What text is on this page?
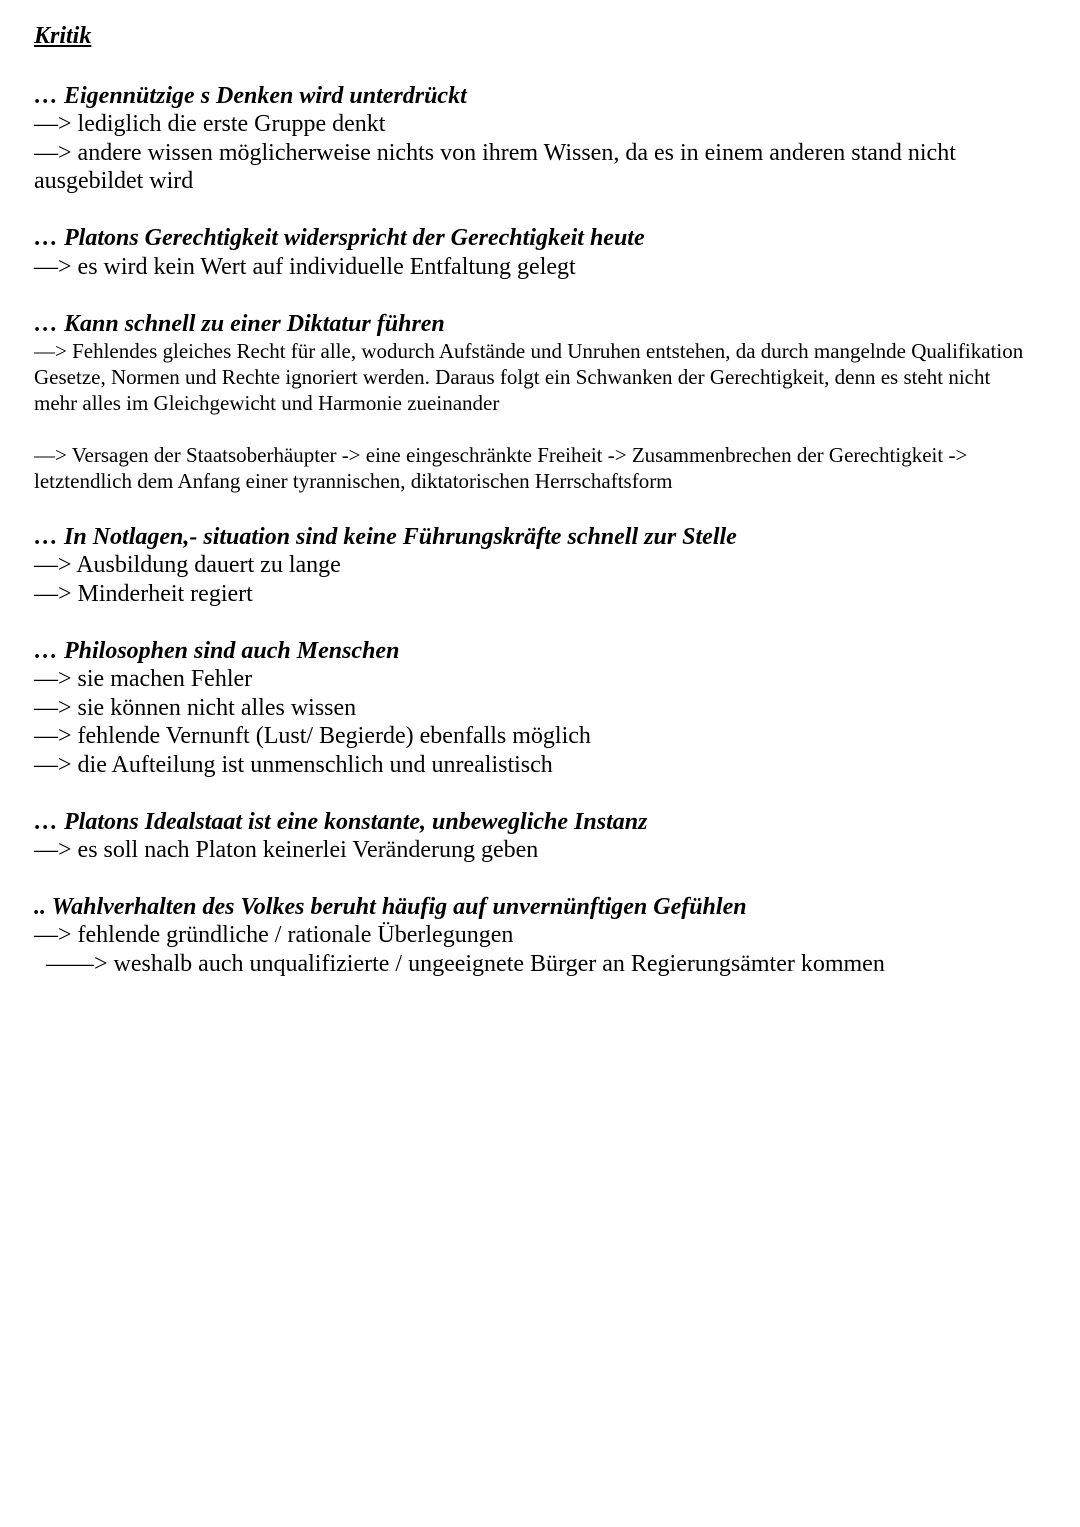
Kritik
… Eigennützige s Denken wird unterdrückt
—> lediglich die erste Gruppe denkt
—> andere wissen möglicherweise nichts von ihrem Wissen, da es in einem anderen stand nicht
ausgebildet wird
… Platons Gerechtigkeit widerspricht der Gerechtigkeit heute
—> es wird kein Wert auf individuelle Entfaltung gelegt
… Kann schnell zu einer Diktatur führen
—> Fehlendes gleiches Recht für alle, wodurch Aufstände und Unruhen entstehen, da durch mangelnde Qualifikation Gesetze, Normen und Rechte ignoriert werden. Daraus folgt ein Schwanken der Gerechtigkeit, denn es steht nicht mehr alles im Gleichgewicht und Harmonie zueinander
—> Versagen der Staatsoberhäupter -> eine eingeschränkte Freiheit -> Zusammenbrechen der Gerechtigkeit -> letztendlich dem Anfang einer tyrannischen, diktatorischen Herrschaftsform
… In Notlagen,- situation sind keine Führungskräfte schnell zur Stelle
—> Ausbildung dauert zu lange
—> Minderheit regiert
… Philosophen sind auch Menschen
—> sie machen Fehler
—> sie können nicht alles wissen
—> fehlende Vernunft (Lust/ Begierde) ebenfalls möglich
—> die Aufteilung ist unmenschlich und unrealistisch
… Platons Idealstaat ist eine konstante, unbewegliche Instanz
—> es soll nach Platon keinerlei Veränderung geben
.. Wahlverhalten des Volkes beruht häufig auf unvernünftigen Gefühlen
—> fehlende gründliche / rationale Überlegungen
——> weshalb auch unqualifizierte / ungeeignete Bürger an Regierungsämter kommen
